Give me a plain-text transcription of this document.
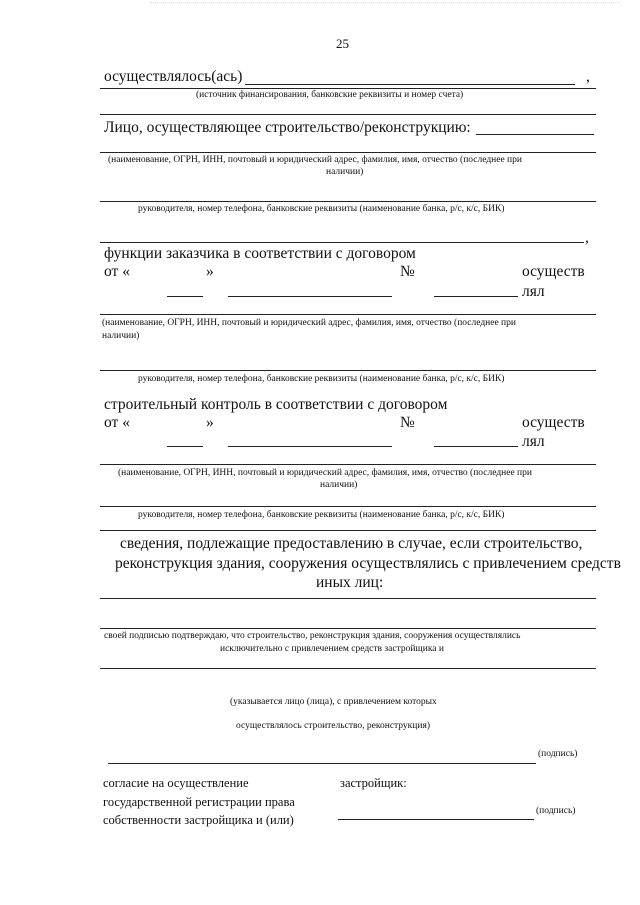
25
осуществлялось(ась)	,
(источник финансирования, банковские реквизиты и номер счета)
Лицо, осуществляющее строительство/реконструкцию:
(наименование, ОГРН, ИНН, почтовый и юридический адрес, фамилия, имя, отчество (последнее при
наличии)
руководителя, номер телефона, банковские реквизиты (наименование банка, р/с, к/с, БИК)
,
функции заказчика в соответствии с договором
от «	»	№	осуществ
лял
(наименование, ОГРН, ИНН, почтовый и юридический адрес, фамилия, имя, отчество (последнее при
наличии)
руководителя, номер телефона, банковские реквизиты (наименование банка, р/с, к/с, БИК)
строительный контроль в соответствии с договором
от «	»	№	осуществ
лял
(наименование, ОГРН, ИНН, почтовый и юридический адрес, фамилия, имя, отчество (последнее при
наличии)
руководителя, номер телефона, банковские реквизиты (наименование банка, р/с, к/с, БИК)
сведения, подлежащие предоставлению в случае, если строительство,
реконструкция здания, сооружения осуществлялись с привлечением средств
иных лиц:
своей подписью подтверждаю, что строительство, реконструкция здания, сооружения осуществлялись
исключительно с привлечением средств застройщика и
(указывается лицо (лица), с привлечением которых
осуществлялось строительство, реконструкция)
(подпись)
согласие на осуществление
государственной регистрации права
собственности застройщика и (или)
застройщик:
(подпись)
